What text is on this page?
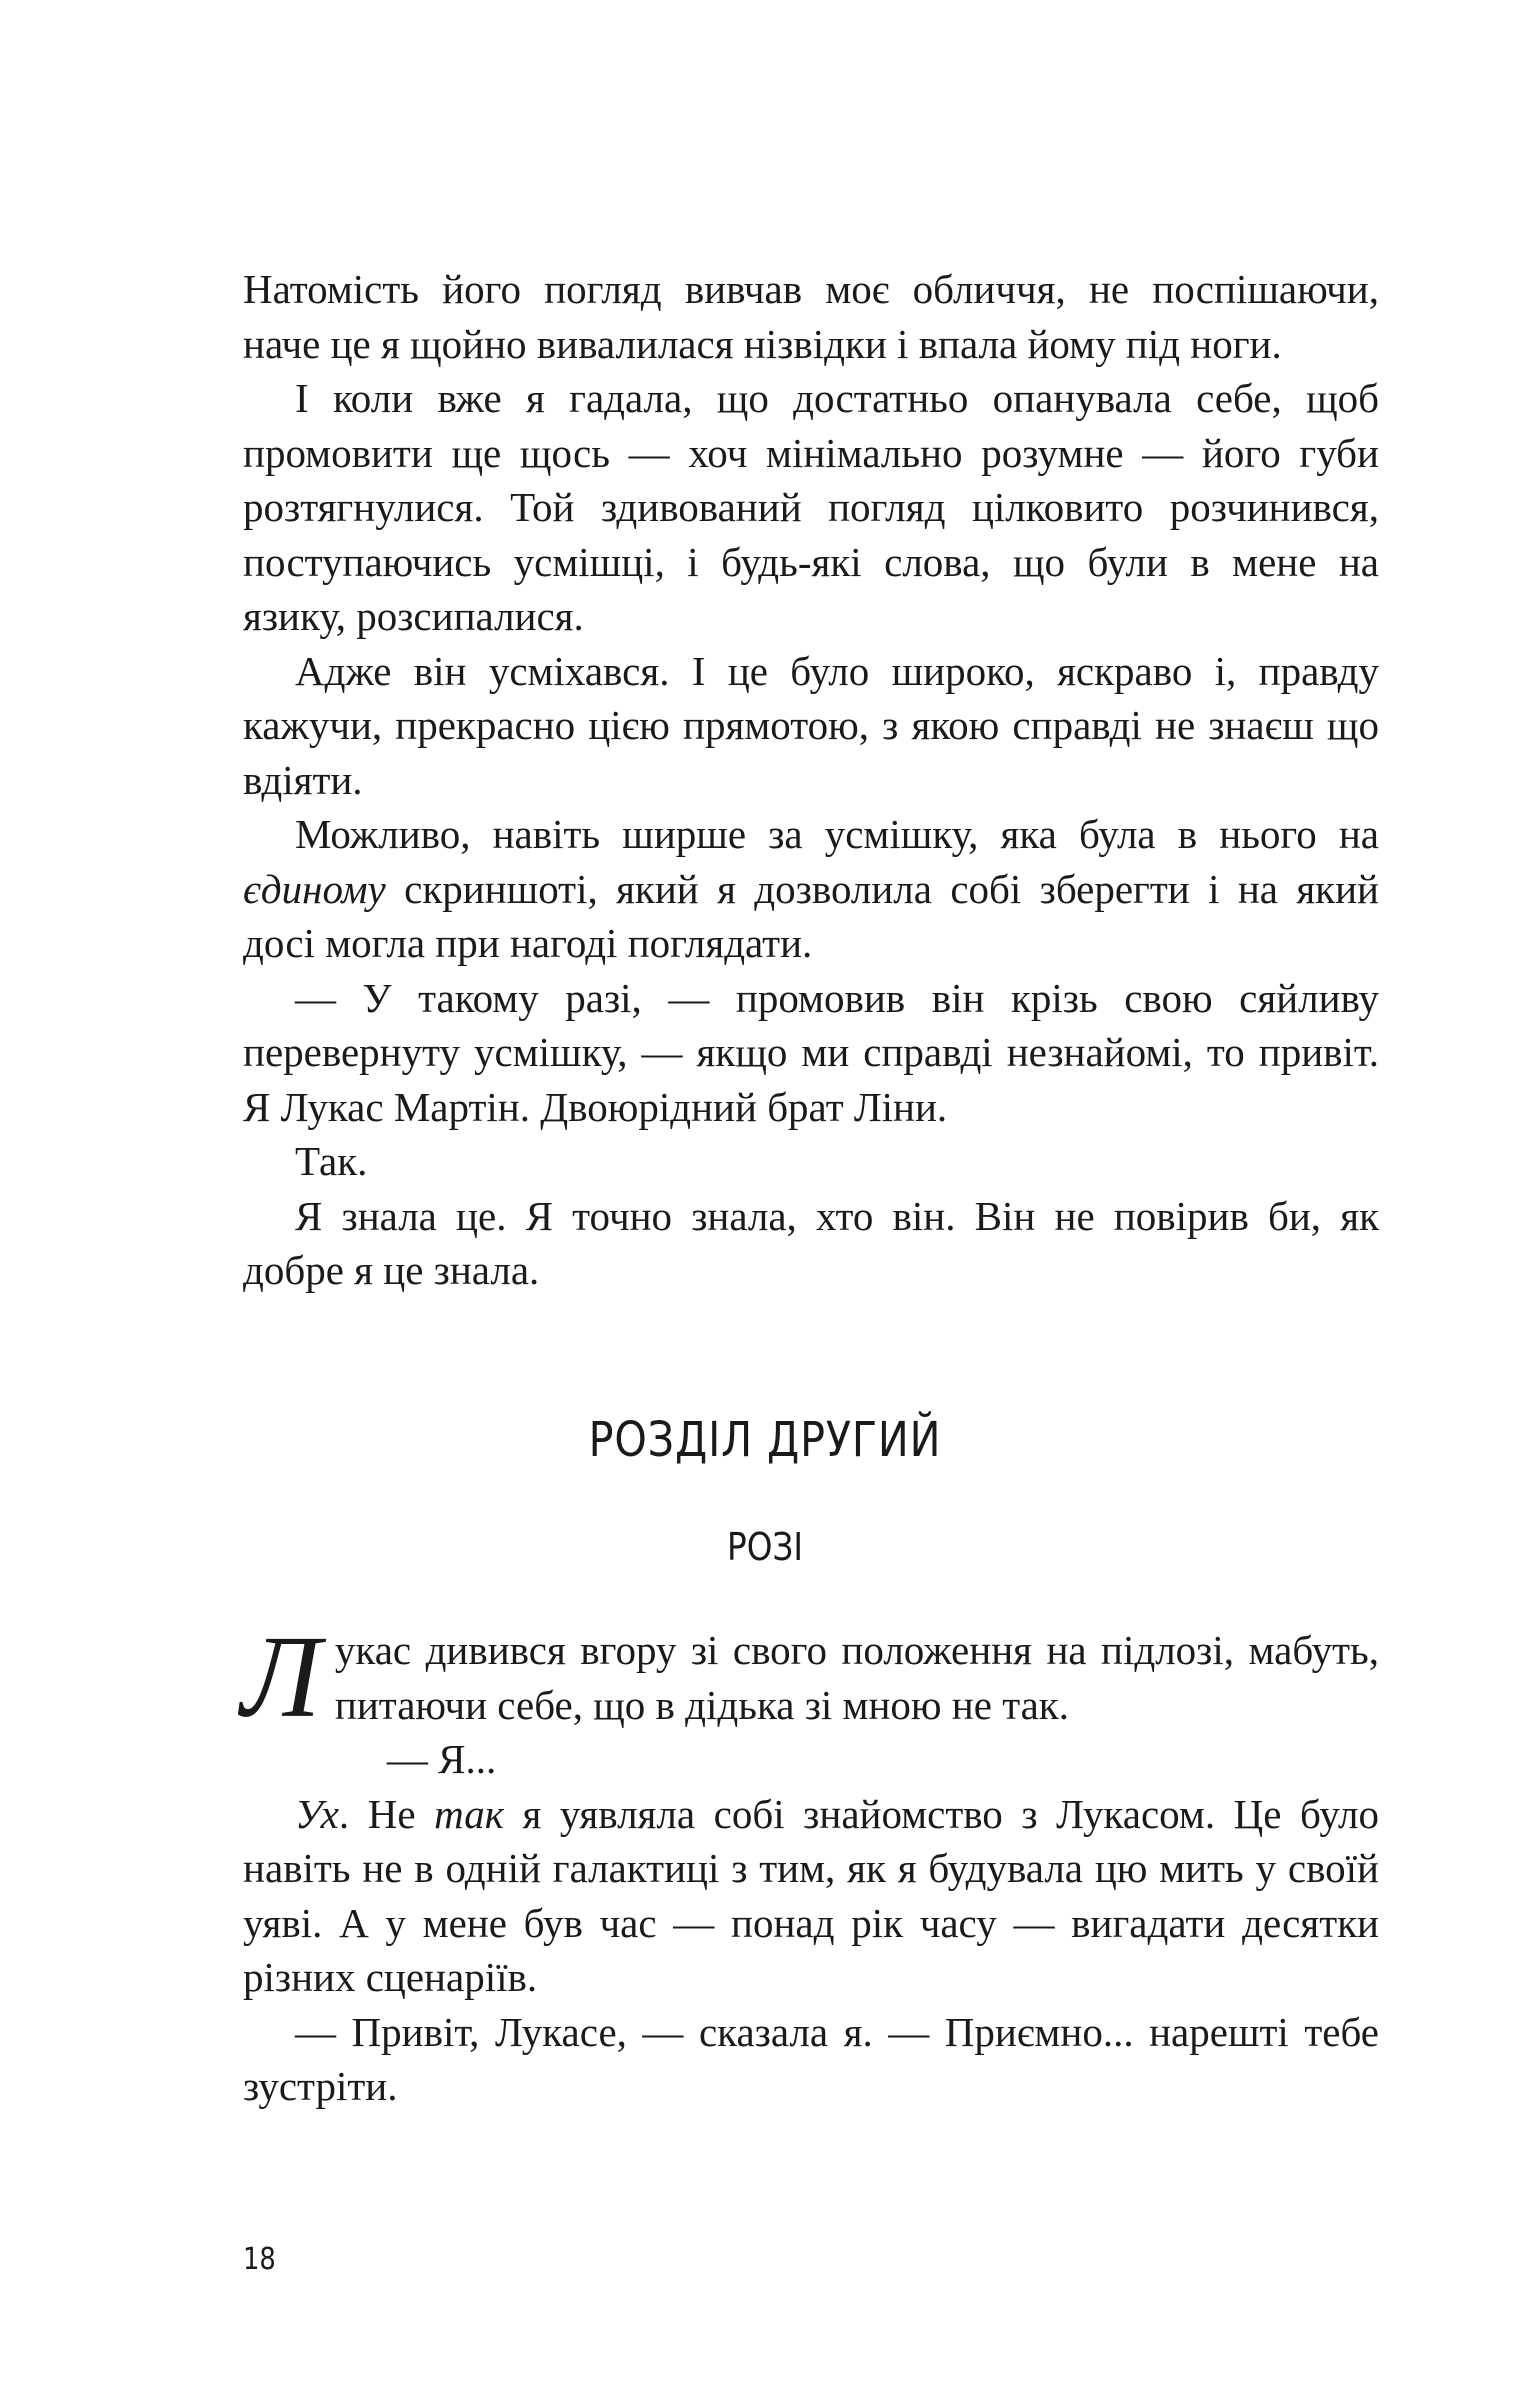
Натомість його погляд вивчав моє обличчя, не поспішаючи,

наче це я щойно вивалилася нізвідки і впала йому під ноги.

І коли вже я гадала, що достатньо опанувала себе, щоб промовити ще щось — хоч мінімально розумне — його губи розтягнулися. Той здивований погляд цілковито розчинився, поступаючись усмішці, і будь-які слова, що були в мене на язику, розсипалися.

Адже він усміхався. І це було широко, яскраво і, правду кажучи, прекрасно цією прямотою, з якою справді не знаєш що вдіяти.

Можливо, навіть ширше за усмішку, яка була в нього на єдиному скриншоті, який я дозволила собі зберегти і на який досі могла при нагоді поглядати.

— У такому разі, — промовив він крізь свою сяйливу перевернуту усмішку, — якщо ми справді незнайомі, то привіт. Я Лукас Мартін. Двоюрідний брат Ліни.

Так.

Я знала це. Я точно знала, хто він. Він не повірив би, як добре я це знала.

РОЗДІЛ ДРУГИЙ
РОЗІ

Лукас дивився вгору зі свого положення на підлозі, мабуть, питаючи себе, що в дідька зі мною не так.

— Я...

Ух. Не так я уявляла собі знайомство з Лукасом. Це було навіть не в одній галактиці з тим, як я будувала цю мить у своїй уяві. А у мене був час — понад рік часу — вигадати десятки різних сценаріїв.

— Привіт, Лукасе, — сказала я. — Приємно... нарешті тебе зустріти.

18
